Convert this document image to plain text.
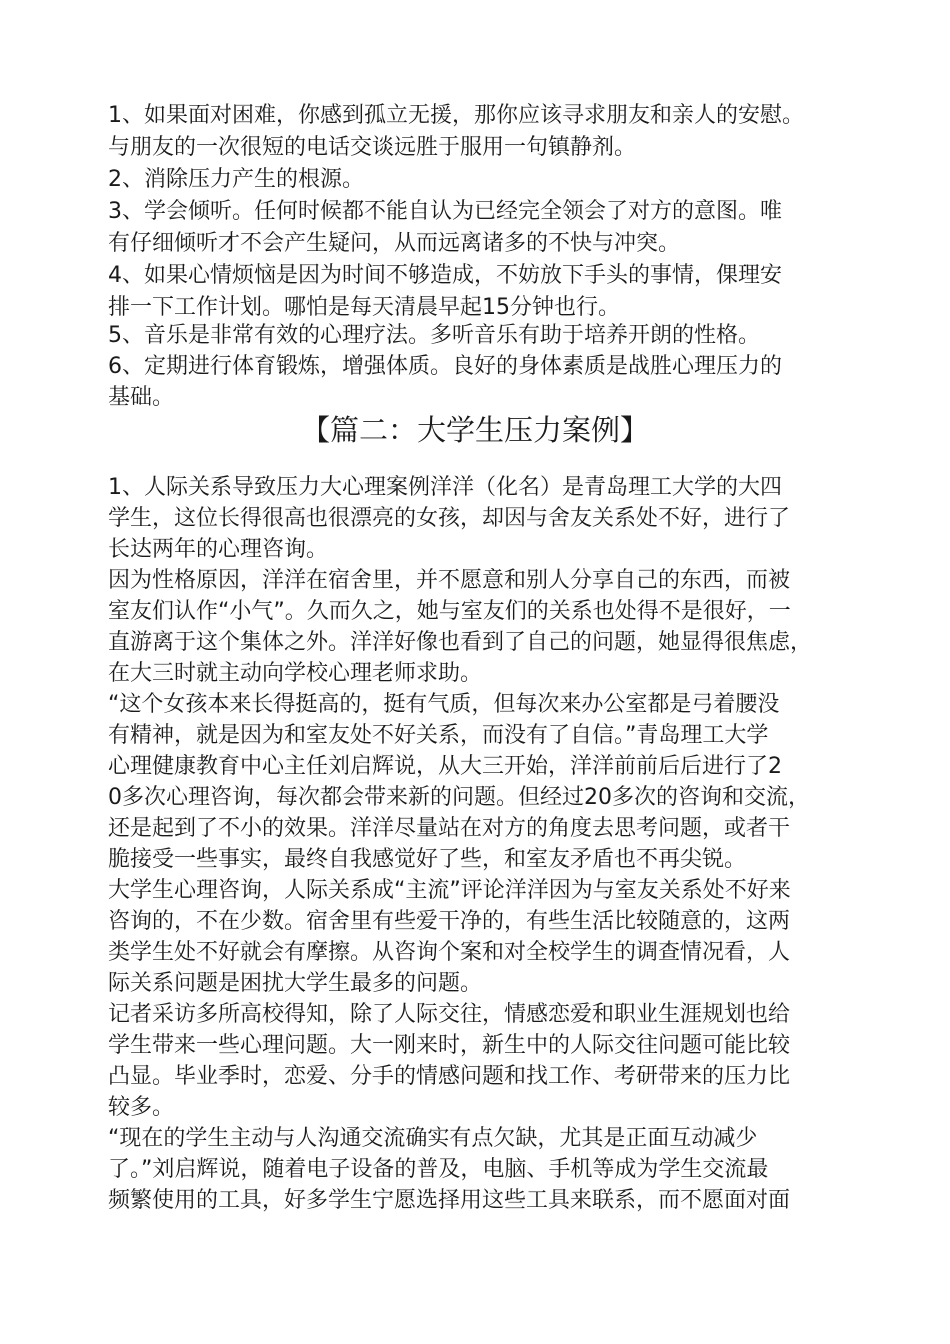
1、如果面对困难，你感到孤立无援，那你应该寻求朋友和亲人的安慰。
与朋友的一次很短的电话交谈远胜于服用一句镇静剂。
2、消除压力产生的根源。
3、学会倾听。任何时候都不能自认为已经完全领会了对方的意图。唯
有仔细倾听才不会产生疑问，从而远离诸多的不快与冲突。
4、如果心情烦恼是因为时间不够造成，不妨放下手头的事情，倮理安
排一下工作计划。哪怕是每天清晨早起15分钟也行。
5、音乐是非常有效的心理疗法。多听音乐有助于培养开朗的性格。
6、定期进行体育锻炼，增强体质。良好的身体素质是战胜心理压力的
基础。
【篇二：大学生压力案例】
1、人际关系导致压力大心理案例洋洋（化名）是青岛理工大学的大四
学生，这位长得很高也很漂亮的女孩，却因与舍友关系处不好，进行了
长达两年的心理咨询。
因为性格原因，洋洋在宿舍里，并不愿意和别人分享自己的东西，而被
室友们认作“小气”。久而久之，她与室友们的关系也处得不是很好，一
直游离于这个集体之外。洋洋好像也看到了自己的问题，她显得很焦虑，
在大三时就主动向学校心理老师求助。
“这个女孩本来长得挺高的，挺有气质，但每次来办公室都是弓着腰没
有精神，就是因为和室友处不好关系，而没有了自信。”青岛理工大学
心理健康教育中心主任刘启辉说，从大三开始，洋洋前前后后进行了2
0多次心理咨询，每次都会带来新的问题。但经过20多次的咨询和交流，
还是起到了不小的效果。洋洋尽量站在对方的角度去思考问题，或者干
脆接受一些事实，最终自我感觉好了些，和室友矛盾也不再尖锐。
大学生心理咨询，人际关系成“主流”评论洋洋因为与室友关系处不好来
咨询的，不在少数。宿舍里有些爱干净的，有些生活比较随意的，这两
类学生处不好就会有摩擦。从咨询个案和对全校学生的调查情况看，人
际关系问题是困扰大学生最多的问题。
记者采访多所高校得知，除了人际交往，情感恋爱和职业生涯规划也给
学生带来一些心理问题。大一刚来时，新生中的人际交往问题可能比较
凸显。毕业季时，恋爱、分手的情感问题和找工作、考研带来的压力比
较多。
“现在的学生主动与人沟通交流确实有点欠缺，尤其是正面互动减少
了。”刘启辉说，随着电子设备的普及，电脑、手机等成为学生交流最
频繁使用的工具，好多学生宁愿选择用这些工具来联系，而不愿面对面
